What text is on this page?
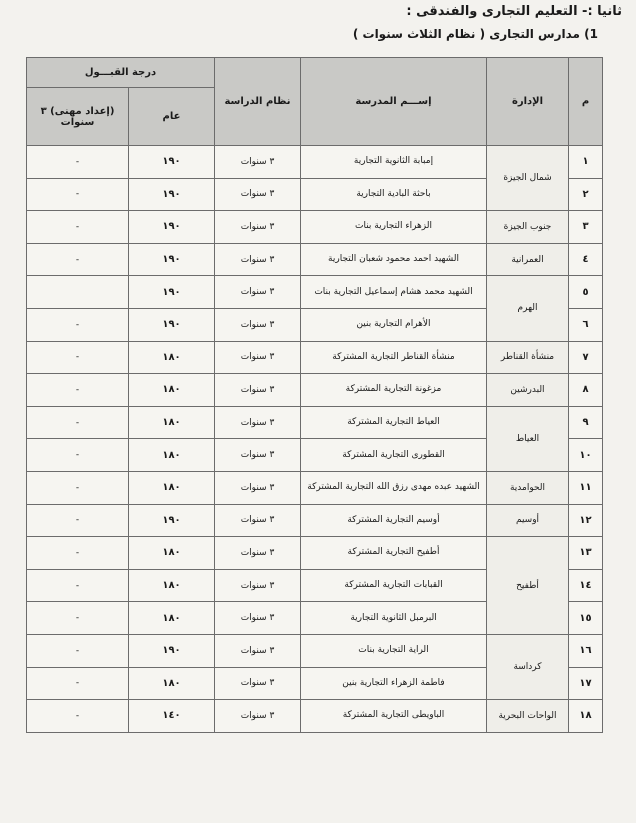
ثانيا :- التعليم التجارى والفندقى :
1) مدارس التجارى ( نظام الثلاث سنوات )
م	الإدارة	إســـم المدرسة	نظام الدراسة	درجة القبـــول	
				عام	(إعداد مهنى) ٣ سنوات
١	شمال الجيزة	إمبابة الثانوية التجارية	٣ سنوات	١٩٠	-
٢		باحثة البادية التجارية	٣ سنوات	١٩٠	-
٣	جنوب الجيزة	الزهراء التجارية بنات	٣ سنوات	١٩٠	-
٤	العمرانية	الشهيد احمد محمود شعبان التجارية	٣ سنوات	١٩٠	-
٥	الهرم	الشهيد محمد هشام إسماعيل التجارية بنات	٣ سنوات	١٩٠	
٦		الأهرام التجارية بنين	٣ سنوات	١٩٠	-
٧	منشأة القناطر	منشأة القناطر التجارية المشتركة	٣ سنوات	١٨٠	-
٨	البدرشين	مزغونة التجارية المشتركة	٣ سنوات	١٨٠	-
٩	العياط	العياط التجارية المشتركة	٣ سنوات	١٨٠	-
١٠		القطورى التجارية المشتركة	٣ سنوات	١٨٠	-
١١	الحوامدية	الشهيد عبده مهدى رزق الله التجارية المشتركة	٣ سنوات	١٨٠	-
١٢	أوسيم	أوسيم التجارية المشتركة	٣ سنوات	١٩٠	-
١٣	أطفيح	أطفيح التجارية المشتركة	٣ سنوات	١٨٠	-
١٤		القبابات التجارية المشتركة	٣ سنوات	١٨٠	-
١٥		البرمبل الثانوية التجارية	٣ سنوات	١٨٠	-
١٦	كرداسة	الراية التجارية بنات	٣ سنوات	١٩٠	-
١٧		فاطمة الزهراء التجارية بنين	٣ سنوات	١٨٠	-
١٨	الواحات البحرية	الباويطى التجارية المشتركة	٣ سنوات	١٤٠	-
